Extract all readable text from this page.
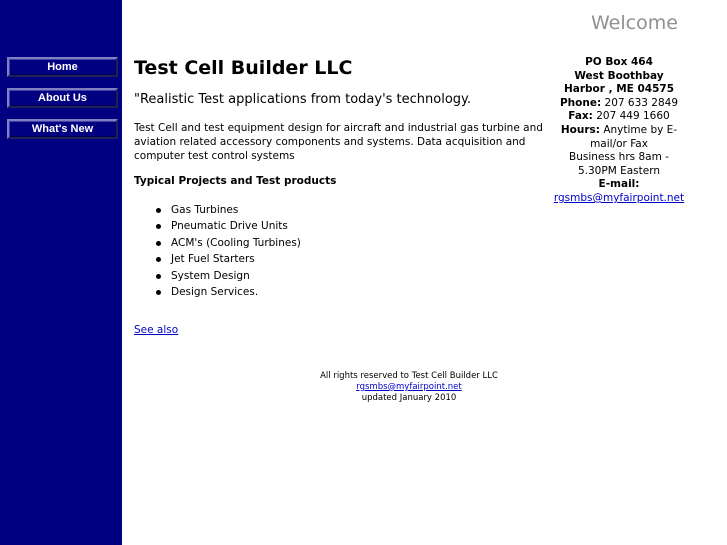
Home
About Us
What's New
Welcome
Test Cell Builder LLC

"Realistic Test applications from today's technology.

Test Cell and test equipment design for aircraft and industrial gas turbine and aviation related accessory components and systems. Data acquisition and computer test control systems

Typical Projects and Test products

Gas Turbines
Pneumatic Drive Units
ACM's (Cooling Turbines)
Jet Fuel Starters
System Design
Design Services.
See also
PO Box 464
West Boothbay
Harbor , ME 04575
Phone: 207 633 2849
Fax: 207 449 1660
Hours: Anytime by E-mail/or Fax
Business hrs 8am - 5.30PM Eastern
E-mail:
rgsmbs@myfairpoint.net
All rights reserved to Test Cell Builder LLC
rgsmbs@myfairpoint.net
updated January 2010
